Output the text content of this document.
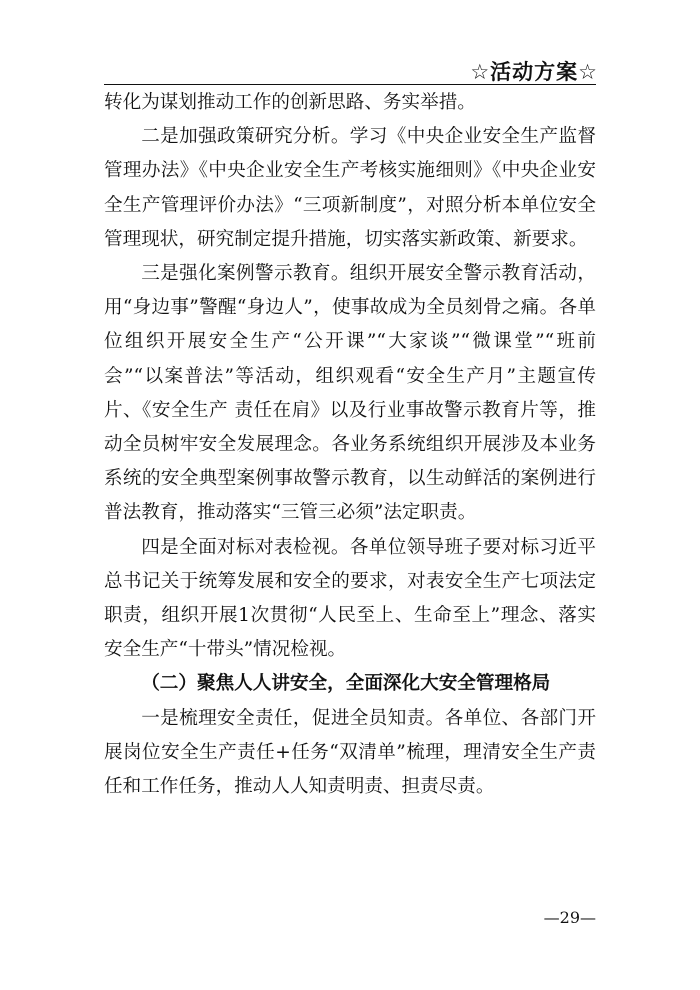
☆活动方案☆

转化为谋划推动工作的创新思路、务实举措。

二是加强政策研究分析。学习《中央企业安全生产监督管理办法》《中央企业安全生产考核实施细则》《中央企业安全生产管理评价办法》“三项新制度”，对照分析本单位安全管理现状，研究制定提升措施，切实落实新政策、新要求。

三是强化案例警示教育。组织开展安全警示教育活动，用“身边事”警醒“身边人”，使事故成为全员刻骨之痛。各单位组织开展安全生产“公开课”“大家谈”“微课堂”“班前会”“以案普法”等活动，组织观看“安全生产月”主题宣传片、《安全生产 责任在肩》以及行业事故警示教育片等，推动全员树牢安全发展理念。各业务系统组织开展涉及本业务系统的安全典型案例事故警示教育，以生动鲜活的案例进行普法教育，推动落实“三管三必须”法定职责。

四是全面对标对表检视。各单位领导班子要对标习近平总书记关于统筹发展和安全的要求，对表安全生产七项法定职责，组织开展1次贯彻“人民至上、生命至上”理念、落实安全生产“十带头”情况检视。

（二）聚焦人人讲安全，全面深化大安全管理格局

一是梳理安全责任，促进全员知责。各单位、各部门开展岗位安全生产责任+任务“双清单”梳理，理清安全生产责任和工作任务，推动人人知责明责、担责尽责。

—29—
